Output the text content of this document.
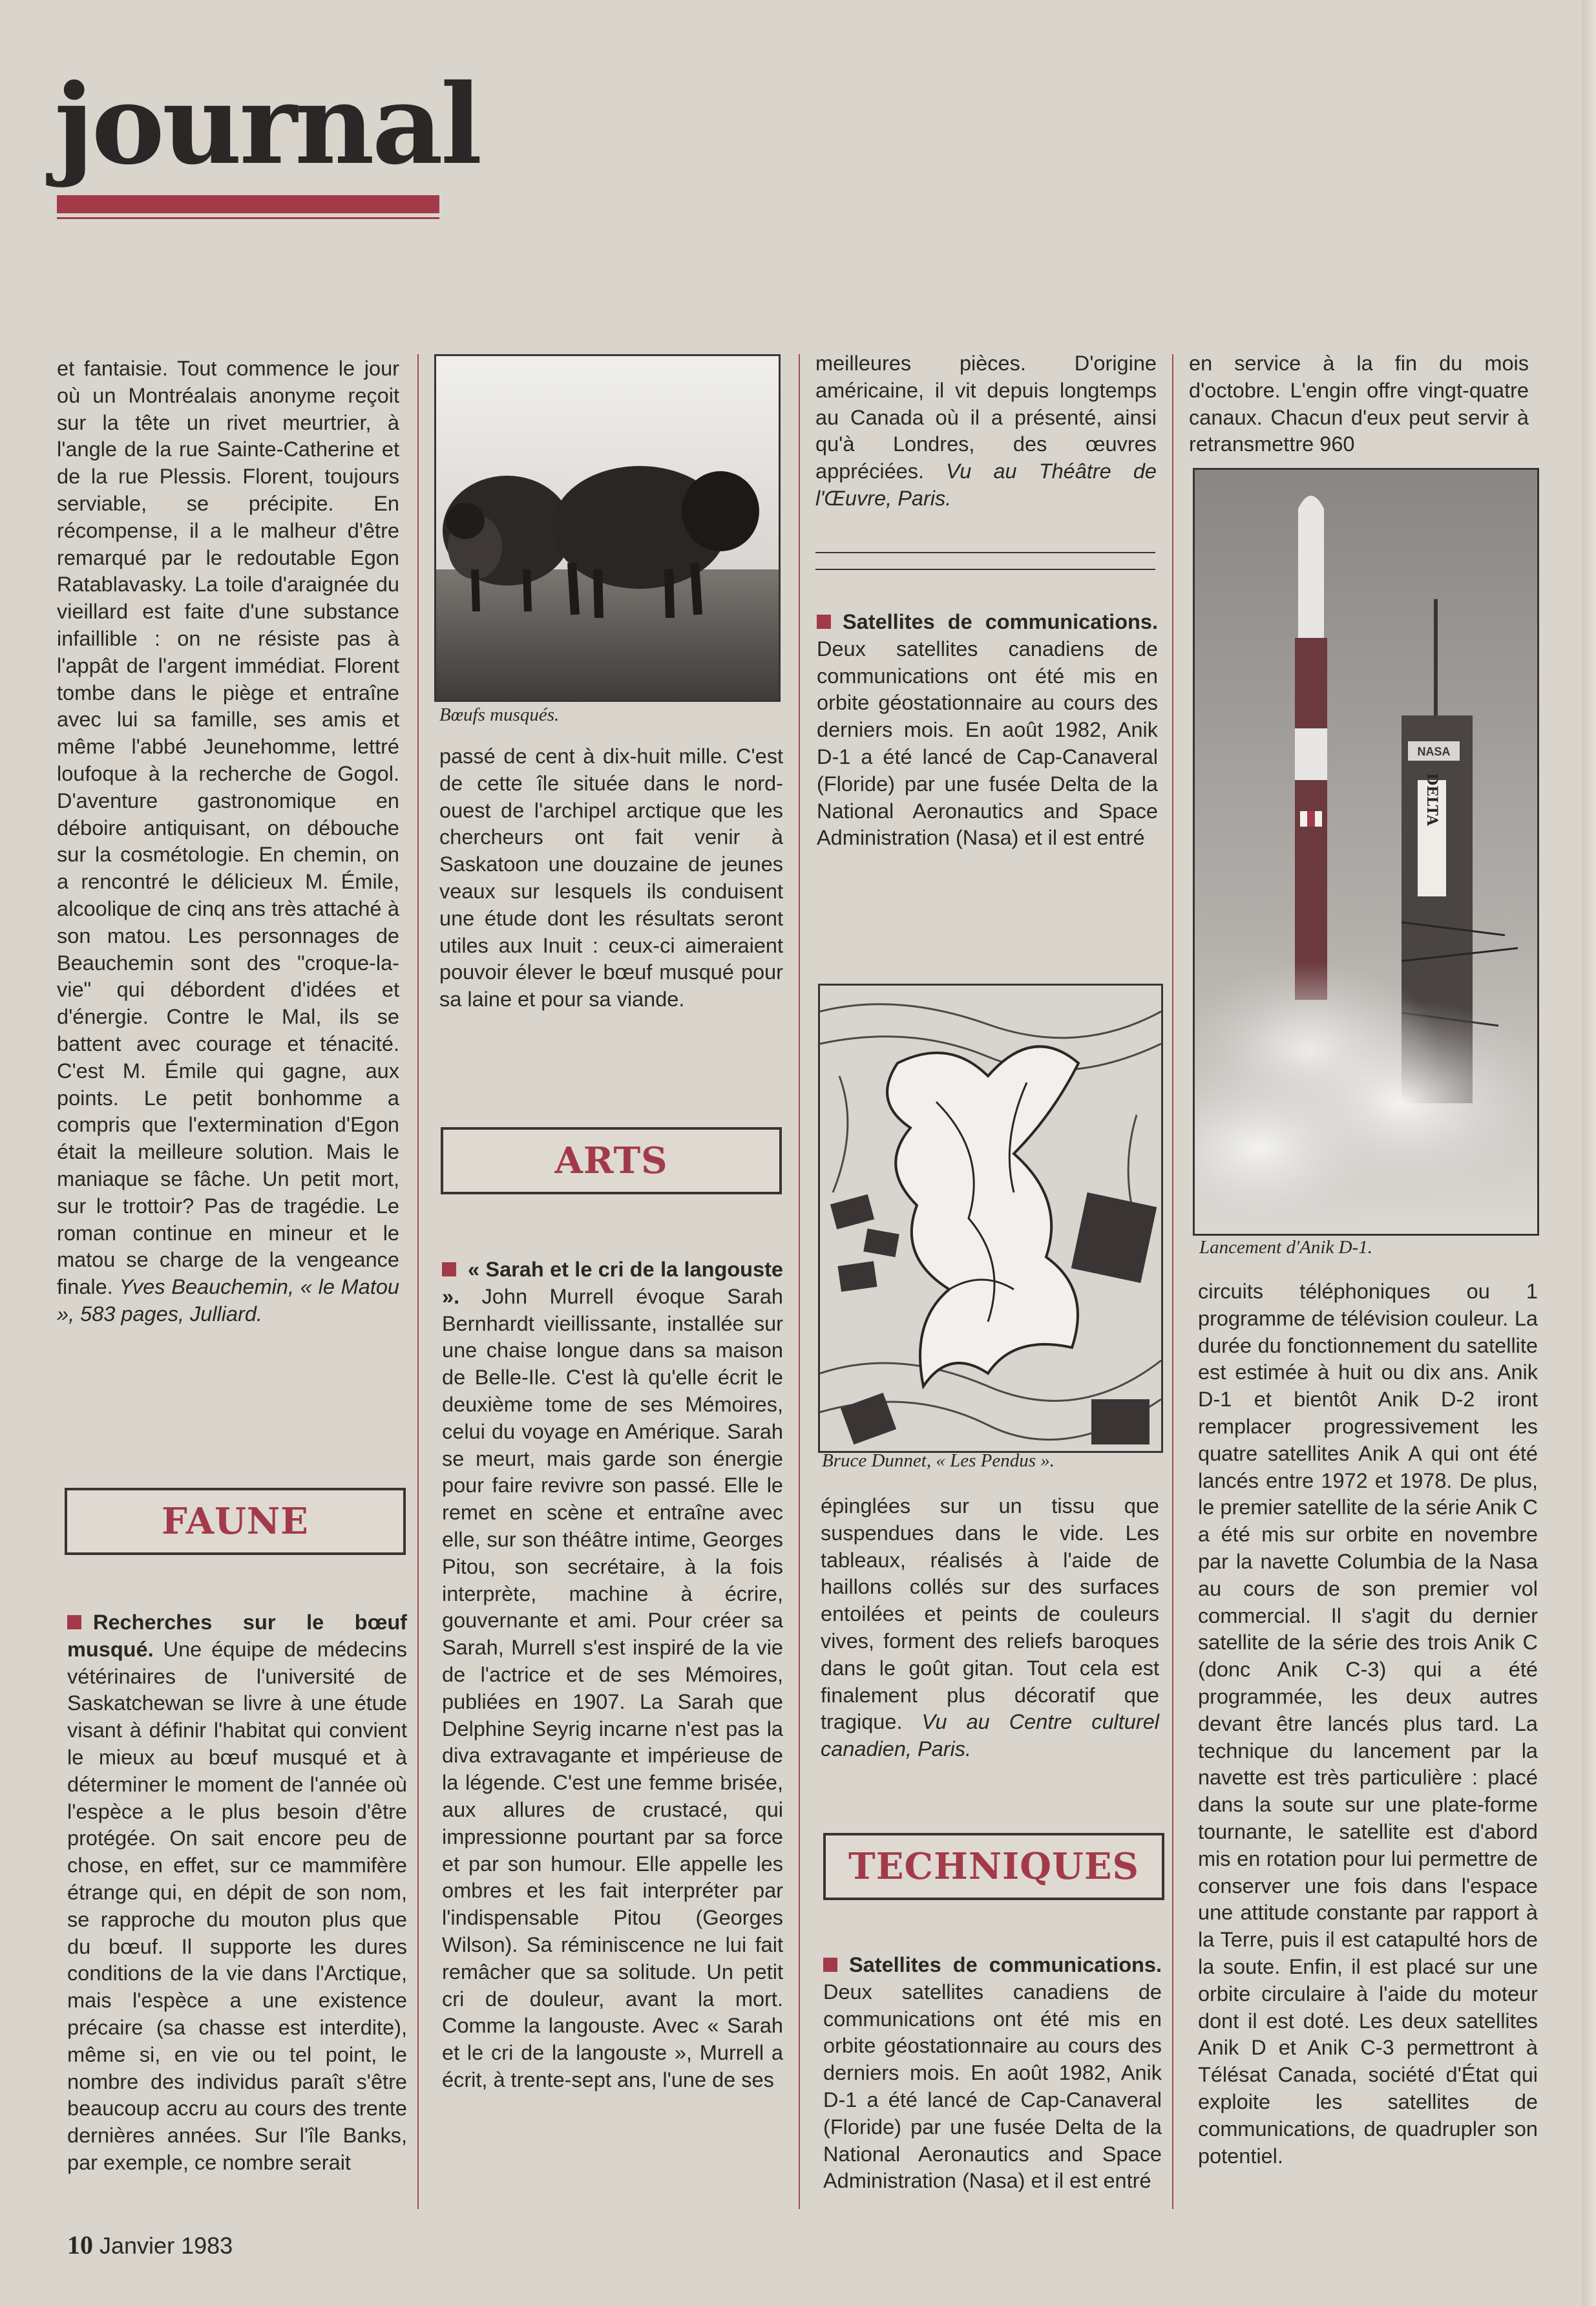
journal

et fantaisie. Tout commence le jour où un Montréalais anonyme reçoit sur la tête un rivet meurtrier, à l'angle de la rue Sainte-Catherine et de la rue Plessis. Florent, toujours serviable, se précipite. En récompense, il a le malheur d'être remarqué par le redoutable Egon Ratablavasky. La toile d'araignée du vieillard est faite d'une substance infaillible : on ne résiste pas à l'appât de l'argent immédiat. Florent tombe dans le piège et entraîne avec lui sa famille, ses amis et même l'abbé Jeunehomme, lettré loufoque à la recherche de Gogol. D'aventure gastronomique en déboire antiquisant, on débouche sur la cosmétologie. En chemin, on a rencontré le délicieux M. Émile, alcoolique de cinq ans très attaché à son matou. Les personnages de Beauchemin sont des "croque-la-vie" qui débordent d'idées et d'énergie. Contre le Mal, ils se battent avec courage et ténacité. C'est M. Émile qui gagne, aux points. Le petit bonhomme a compris que l'extermination d'Egon était la meilleure solution. Mais le maniaque se fâche. Un petit mort, sur le trottoir? Pas de tragédie. Le roman continue en mineur et le matou se charge de la vengeance finale. Yves Beauchemin, « le Matou », 583 pages, Julliard.

FAUNE

Recherches sur le bœuf musqué. Une équipe de médecins vétérinaires de l'université de Saskatchewan se livre à une étude visant à définir l'habitat qui convient le mieux au bœuf musqué et à déterminer le moment de l'année où l'espèce a le plus besoin d'être protégée. On sait encore peu de chose, en effet, sur ce mammifère étrange qui, en dépit de son nom, se rapproche du mouton plus que du bœuf. Il supporte les dures conditions de la vie dans l'Arctique, mais l'espèce a une existence précaire (sa chasse est interdite), même si, en vie ou tel point, le nombre des individus paraît s'être beaucoup accru au cours des trente dernières années. Sur l'île Banks, par exemple, ce nombre serait

Bœufs musqués.

passé de cent à dix-huit mille. C'est de cette île située dans le nord-ouest de l'archipel arctique que les chercheurs ont fait venir à Saskatoon une douzaine de jeunes veaux sur lesquels ils conduisent une étude dont les résultats seront utiles aux Inuit : ceux-ci aimeraient pouvoir élever le bœuf musqué pour sa laine et pour sa viande.

ARTS

« Sarah et le cri de la langouste ». John Murrell évoque Sarah Bernhardt vieillissante, installée sur une chaise longue dans sa maison de Belle-Ile. C'est là qu'elle écrit le deuxième tome de ses Mémoires, celui du voyage en Amérique. Sarah se meurt, mais garde son énergie pour faire revivre son passé. Elle le remet en scène et entraîne avec elle, sur son théâtre intime, Georges Pitou, son secrétaire, à la fois interprète, machine à écrire, gouvernante et ami. Pour créer sa Sarah, Murrell s'est inspiré de la vie de l'actrice et de ses Mémoires, publiées en 1907. La Sarah que Delphine Seyrig incarne n'est pas la diva extravagante et impérieuse de la légende. C'est une femme brisée, aux allures de crustacé, qui impressionne pourtant par sa force et par son humour. Elle appelle les ombres et les fait interpréter par l'indispensable Pitou (Georges Wilson). Sa réminiscence ne lui fait remâcher que sa solitude. Un petit cri de douleur, avant la mort. Comme la langouste. Avec « Sarah et le cri de la langouste », Murrell a écrit, à trente-sept ans, l'une de ses

meilleures pièces. D'origine américaine, il vit depuis longtemps au Canada où il a présenté, ainsi qu'à Londres, des œuvres appréciées. Vu au Théâtre de l'Œuvre, Paris.

Satellites de communications. Deux satellites canadiens de communications ont été mis en orbite géostationnaire au cours des derniers mois. En août 1982, Anik D-1 a été lancé de Cap-Canaveral (Floride) par une fusée Delta de la National Aeronautics and Space Administration (Nasa) et il est entré

Bruce Dunnet, « Les Pendus ».

épinglées sur un tissu que suspendues dans le vide. Les tableaux, réalisés à l'aide de haillons collés sur des surfaces entoilées et peints de couleurs vives, forment des reliefs baroques dans le goût gitan. Tout cela est finalement plus décoratif que tragique. Vu au Centre culturel canadien, Paris.

TECHNIQUES

Satellites de communications. Deux satellites canadiens de communications ont été mis en orbite géostationnaire au cours des derniers mois. En août 1982, Anik D-1 a été lancé de Cap-Canaveral (Floride) par une fusée Delta de la National Aeronautics and Space Administration (Nasa) et il est entré

en service à la fin du mois d'octobre. L'engin offre vingt-quatre canaux. Chacun d'eux peut servir à retransmettre 960

NASA
DELTA
Lancement d'Anik D-1.

circuits téléphoniques ou 1 programme de télévision couleur. La durée du fonctionnement du satellite est estimée à huit ou dix ans. Anik D-1 et bientôt Anik D-2 iront remplacer progressivement les quatre satellites Anik A qui ont été lancés entre 1972 et 1978. De plus, le premier satellite de la série Anik C a été mis sur orbite en novembre par la navette Columbia de la Nasa au cours de son premier vol commercial. Il s'agit du dernier satellite de la série des trois Anik C (donc Anik C-3) qui a été programmée, les deux autres devant être lancés plus tard. La technique du lancement par la navette est très particulière : placé dans la soute sur une plate-forme tournante, le satellite est d'abord mis en rotation pour lui permettre de conserver une fois dans l'espace une attitude constante par rapport à la Terre, puis il est catapulté hors de la soute. Enfin, il est placé sur une orbite circulaire à l'aide du moteur dont il est doté. Les deux satellites Anik D et Anik C-3 permettront à Télésat Canada, société d'État qui exploite les satellites de communications, de quadrupler son potentiel.

10 Janvier 1983
